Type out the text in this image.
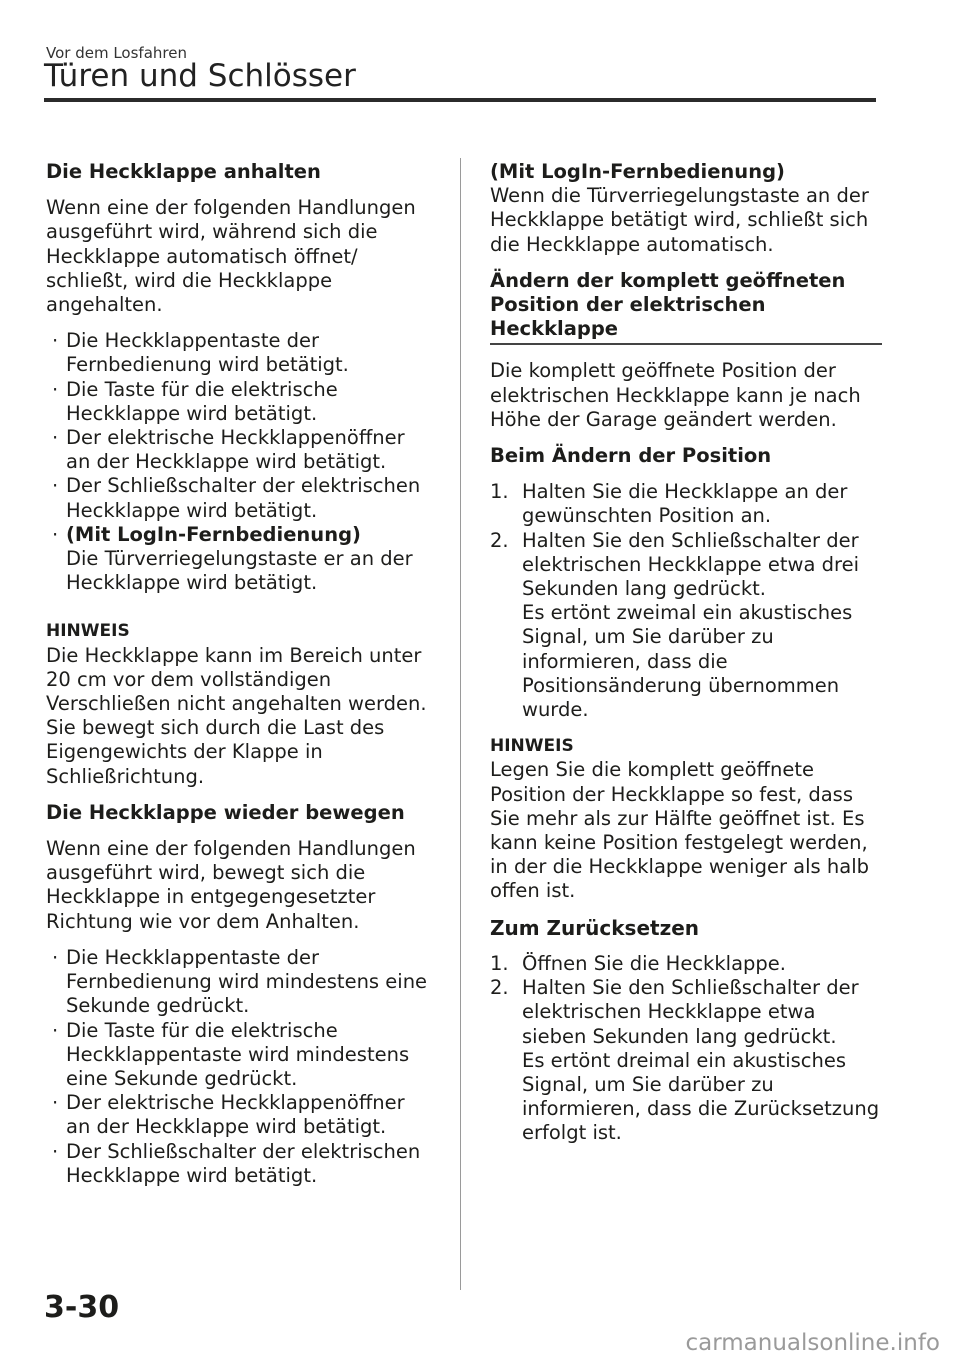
Vor dem Losfahren
Türen und Schlösser
Die Heckklappe anhalten

Wenn eine der folgenden Handlungen ausgeführt wird, während sich die Heckklappe automatisch öffnet/ schließt, wird die Heckklappe angehalten.

· Die Heckklappentaste der Fernbedienung wird betätigt.
· Die Taste für die elektrische Heckklappe wird betätigt.
· Der elektrische Heckklappenöffner an der Heckklappe wird betätigt.
· Der Schließschalter der elektrischen Heckklappe wird betätigt.
· (Mit LogIn-Fernbedienung)
Die Türverriegelungstaste er an der Heckklappe wird betätigt.
HINWEIS

Die Heckklappe kann im Bereich unter 20 cm vor dem vollständigen Verschließen nicht angehalten werden. Sie bewegt sich durch die Last des Eigengewichts der Klappe in Schließrichtung.

Die Heckklappe wieder bewegen

Wenn eine der folgenden Handlungen ausgeführt wird, bewegt sich die Heckklappe in entgegengesetzter Richtung wie vor dem Anhalten.

· Die Heckklappentaste der Fernbedienung wird mindestens eine Sekunde gedrückt.
· Die Taste für die elektrische Heckklappentaste wird mindestens eine Sekunde gedrückt.
· Der elektrische Heckklappenöffner an der Heckklappe wird betätigt.
· Der Schließschalter der elektrischen Heckklappe wird betätigt.
(Mit LogIn-Fernbedienung)

Wenn die Türverriegelungstaste an der Heckklappe betätigt wird, schließt sich die Heckklappe automatisch.

Ändern der komplett geöffneten
Position der elektrischen Heckklappe

Die komplett geöffnete Position der elektrischen Heckklappe kann je nach Höhe der Garage geändert werden.

Beim Ändern der Position
1. Halten Sie die Heckklappe an der gewünschten Position an.
2. Halten Sie den Schließschalter der elektrischen Heckklappe etwa drei Sekunden lang gedrückt.
Es ertönt zweimal ein akustisches Signal, um Sie darüber zu informieren, dass die Positionsänderung übernommen wurde.
HINWEIS

Legen Sie die komplett geöffnete Position der Heckklappe so fest, dass Sie mehr als zur Hälfte geöffnet ist. Es kann keine Position festgelegt werden, in der die Heckklappe weniger als halb offen ist.

Zum Zurücksetzen
1. Öffnen Sie die Heckklappe.
2. Halten Sie den Schließschalter der elektrischen Heckklappe etwa sieben Sekunden lang gedrückt.
Es ertönt dreimal ein akustisches Signal, um Sie darüber zu informieren, dass die Zurücksetzung erfolgt ist.
3-30
carmanualsonline.info
